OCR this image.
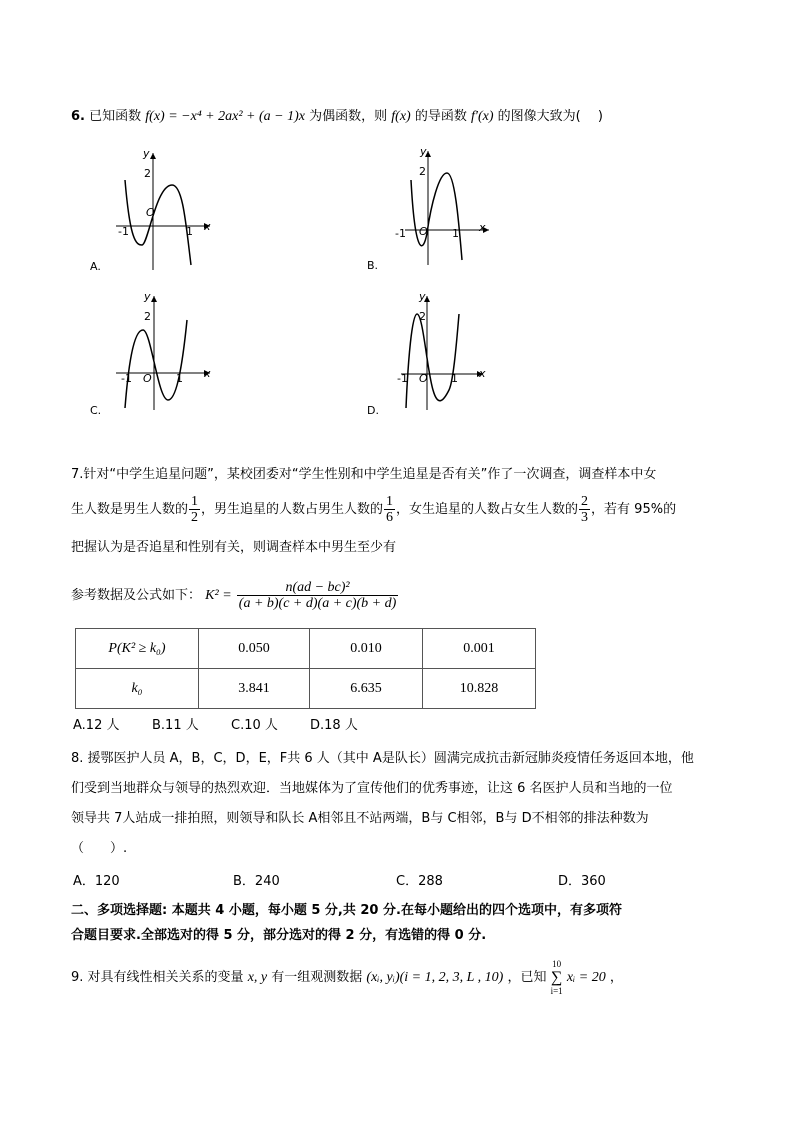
6. 已知函数 f(x) = −x⁴ + 2ax² + (a − 1)x 为偶函数，则 f(x) 的导函数 f′(x) 的图像大致为(　 )
y
2
O
-1	1 x
A.
y
2
O
-1	1 x
B.
y
2
O
-1	1 x
C.
y
2
O
-1	1 x
D.
7.针对“中学生追星问题”，某校团委对“学生性别和中学生追星是否有关”作了一次调查，调查样本中女
生人数是男生人数的 $\frac{1}{2}$ ，男生追星的人数占男生人数的 $\frac{1}{6}$ ，女生追星的人数占女生人数的 $\frac{2}{3}$ ，若有 95%的
把握认为是否追星和性别有关，则调查样本中男生至少有
参考数据及公式如下： $K^2 = \frac{\text{n(ad − bc)²}}{(a + b)(c + d)(a + c)(b + d)}$
P(K² ≥ k₀)	0.050	0.010	0.001
k₀	3.841	6.635	10.828
A.12 人	B.11 人 C.10 人 D.18 人
8. 援鄂医护人员 A，B，C，D，E，F共 6 人（其中 A是队长）圆满完成抗击新冠肺炎疫情任务返回本地，他
们受到当地群众与领导的热烈欢迎．当地媒体为了宣传他们的优秀事迹，让这 6 名医护人员和当地的一位
领导共 7人站成一排拍照，则领导和队长 A相邻且不站两端，B与 C相邻，B与 D不相邻的排法种数为
（　　）.
A．120	B．240	C．288	D．360
二、多项选择题: 本题共 4 小题，每小题 5 分,共 20 分.在每小题给出的四个选项中，有多项符
合题目要求.全部选对的得 5 分，部分选对的得 2 分，有选错的得 0 分.
9. 对具有线性相关关系的变量 x, y 有一组观测数据 (xᵢ, yᵢ)(i = 1, 2, 3, L , 10) ，已知
10
∑
i=1
xᵢ = 20 ，
